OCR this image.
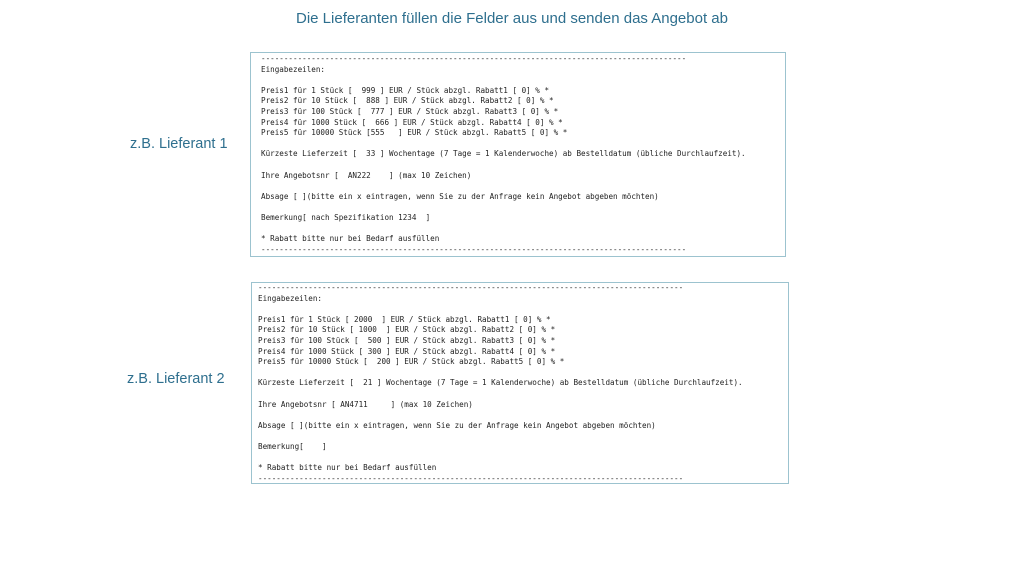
Die Lieferanten füllen die Felder aus und senden das Angebot ab
z.B. Lieferant 1
---------------------------------------------------------------------------------------------
Eingabezeilen:
Preis1 für 1 Stück [  999 ] EUR / Stück abzgl. Rabatt1 [ 0] % *
Preis2 für 10 Stück [  888 ] EUR / Stück abzgl. Rabatt2 [ 0] % *
Preis3 für 100 Stück [  777 ] EUR / Stück abzgl. Rabatt3 [ 0] % *
Preis4 für 1000 Stück [  666 ] EUR / Stück abzgl. Rabatt4 [ 0] % *
Preis5 für 10000 Stück [555   ] EUR / Stück abzgl. Rabatt5 [ 0] % *
Kürzeste Lieferzeit [  33 ] Wochentage (7 Tage = 1 Kalenderwoche) ab Bestelldatum (übliche Durchlaufzeit).
Ihre Angebotsnr [  AN222    ] (max 10 Zeichen)
Absage [ ](bitte ein x eintragen, wenn Sie zu der Anfrage kein Angebot abgeben möchten)
Bemerkung[ nach Spezifikation 1234  ]
* Rabatt bitte nur bei Bedarf ausfüllen
---------------------------------------------------------------------------------------------
z.B. Lieferant 2
---------------------------------------------------------------------------------------------
Eingabezeilen:
Preis1 für 1 Stück [ 2000  ] EUR / Stück abzgl. Rabatt1 [ 0] % *
Preis2 für 10 Stück [ 1000  ] EUR / Stück abzgl. Rabatt2 [ 0] % *
Preis3 für 100 Stück [  500 ] EUR / Stück abzgl. Rabatt3 [ 0] % *
Preis4 für 1000 Stück [ 300 ] EUR / Stück abzgl. Rabatt4 [ 0] % *
Preis5 für 10000 Stück [  200 ] EUR / Stück abzgl. Rabatt5 [ 0] % *
Kürzeste Lieferzeit [  21 ] Wochentage (7 Tage = 1 Kalenderwoche) ab Bestelldatum (übliche Durchlaufzeit).
Ihre Angebotsnr [ AN4711     ] (max 10 Zeichen)
Absage [ ](bitte ein x eintragen, wenn Sie zu der Anfrage kein Angebot abgeben möchten)
Bemerkung[    ]
* Rabatt bitte nur bei Bedarf ausfüllen
---------------------------------------------------------------------------------------------
